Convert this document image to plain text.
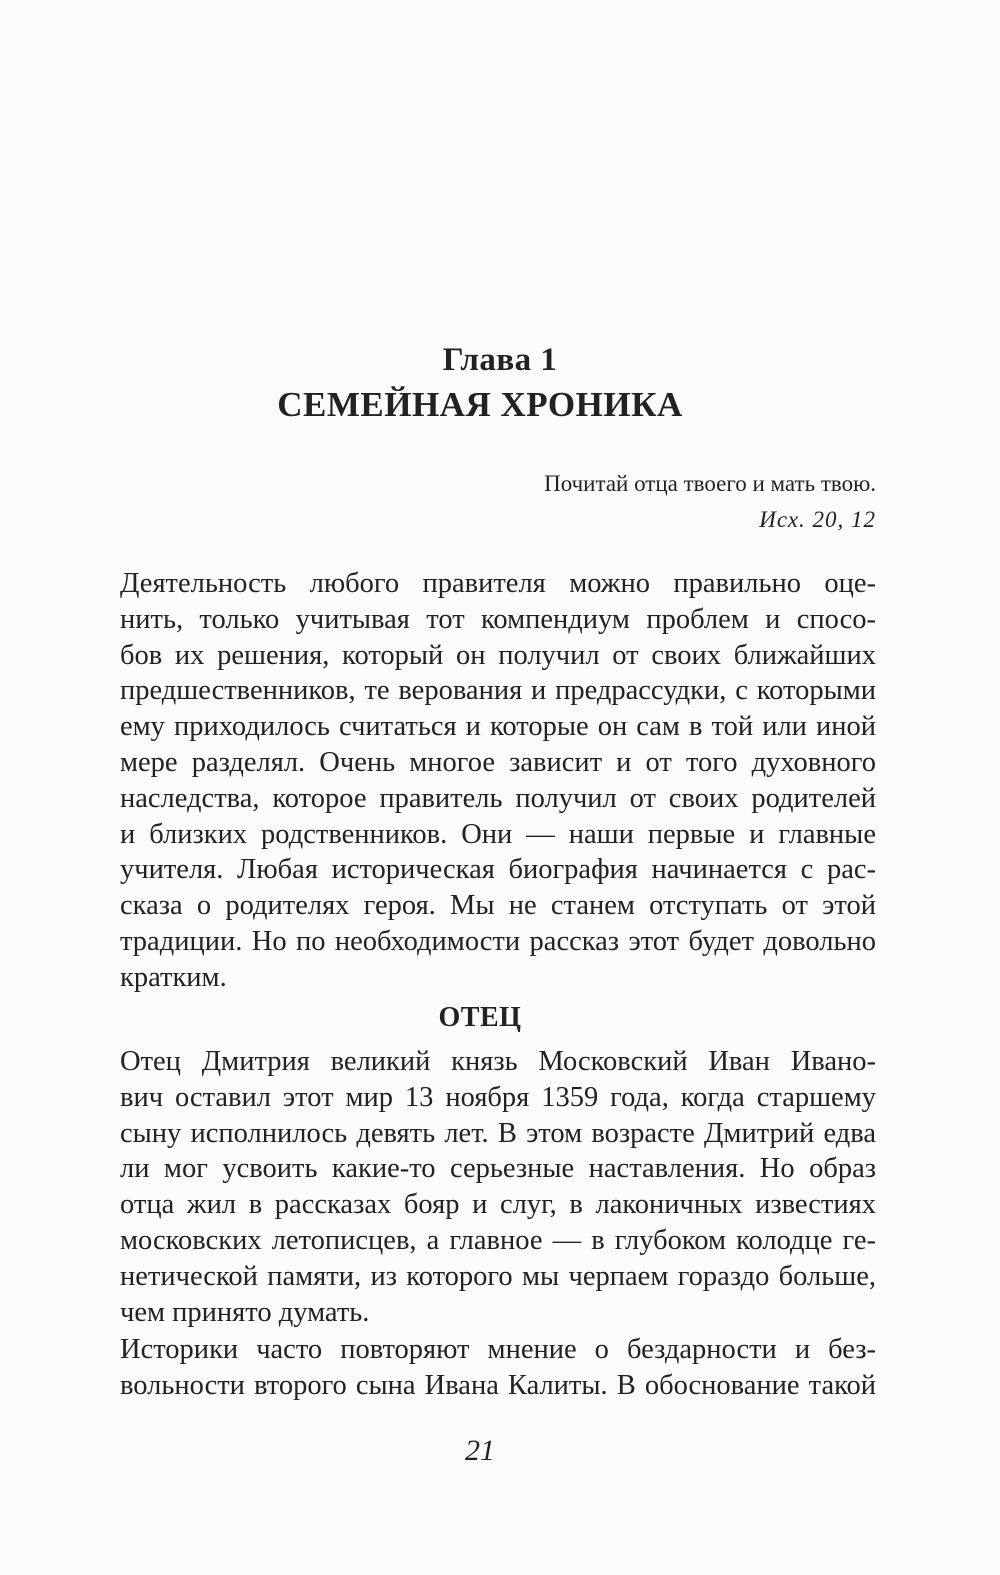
Глава 1
СЕМЕЙНАЯ ХРОНИКА
Почитай отца твоего и мать твою.
Исх. 20, 12
Деятельность любого правителя можно правильно оце-
нить, только учитывая тот компендиум проблем и спосо-
бов их решения, который он получил от своих ближайших
предшественников, те верования и предрассудки, с которыми
ему приходилось считаться и которые он сам в той или иной
мере разделял. Очень многое зависит и от того духовного
наследства, которое правитель получил от своих родителей
и близких родственников. Они — наши первые и главные
учителя. Любая историческая биография начинается с рас-
сказа о родителях героя. Мы не станем отступать от этой
традиции. Но по необходимости рассказ этот будет довольно
кратким.
ОТЕЦ
Отец Дмитрия великий князь Московский Иван Ивано-
вич оставил этот мир 13 ноября 1359 года, когда старшему
сыну исполнилось девять лет. В этом возрасте Дмитрий едва
ли мог усвоить какие-то серьезные наставления. Но образ
отца жил в рассказах бояр и слуг, в лаконичных известиях
московских летописцев, а главное — в глубоком колодце ге-
нетической памяти, из которого мы черпаем гораздо больше,
чем принято думать.
Историки часто повторяют мнение о бездарности и без-
вольности второго сына Ивана Калиты. В обоснование такой
21
